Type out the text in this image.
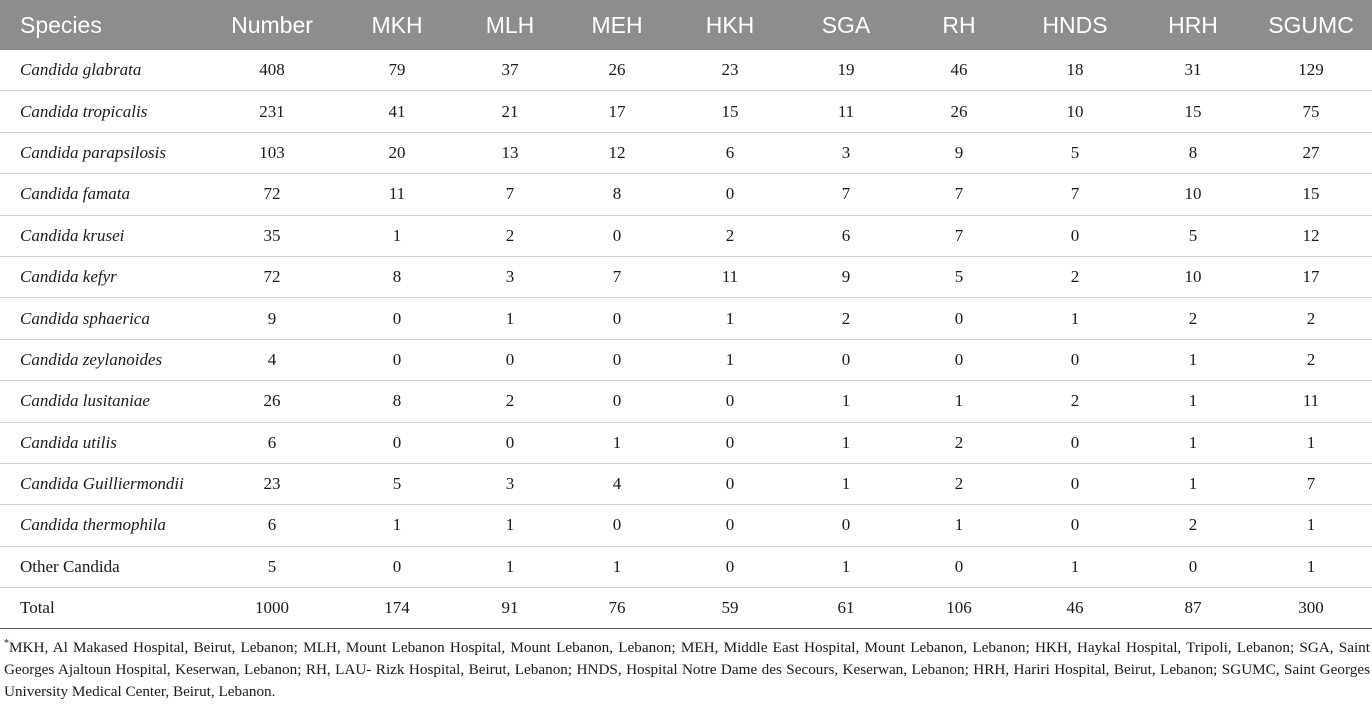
Species	Number	MKH	MLH	MEH	HKH	SGA	RH	HNDS	HRH	SGUMC
Candida glabrata	408	79	37	26	23	19	46	18	31	129
Candida tropicalis	231	41	21	17	15	11	26	10	15	75
Candida parapsilosis	103	20	13	12	6	3	9	5	8	27
Candida famata	72	11	7	8	0	7	7	7	10	15
Candida krusei	35	1	2	0	2	6	7	0	5	12
Candida kefyr	72	8	3	7	11	9	5	2	10	17
Candida sphaerica	9	0	1	0	1	2	0	1	2	2
Candida zeylanoides	4	0	0	0	1	0	0	0	1	2
Candida lusitaniae	26	8	2	0	0	1	1	2	1	11
Candida utilis	6	0	0	1	0	1	2	0	1	1
Candida Guilliermondii	23	5	3	4	0	1	2	0	1	7
Candida thermophila	6	1	1	0	0	0	1	0	2	1
Other Candida	5	0	1	1	0	1	0	1	0	1
Total	1000	174	91	76	59	61	106	46	87	300
*MKH, Al Makased Hospital, Beirut, Lebanon; MLH, Mount Lebanon Hospital, Mount Lebanon, Lebanon; MEH, Middle East Hospital, Mount Lebanon, Lebanon; HKH, Haykal Hospital, Tripoli, Lebanon; SGA, Saint Georges Ajaltoun Hospital, Keserwan, Lebanon; RH, LAU- Rizk Hospital, Beirut, Lebanon; HNDS, Hospital Notre Dame des Secours, Keserwan, Lebanon; HRH, Hariri Hospital, Beirut, Lebanon; SGUMC, Saint Georges University Medical Center, Beirut, Lebanon.
